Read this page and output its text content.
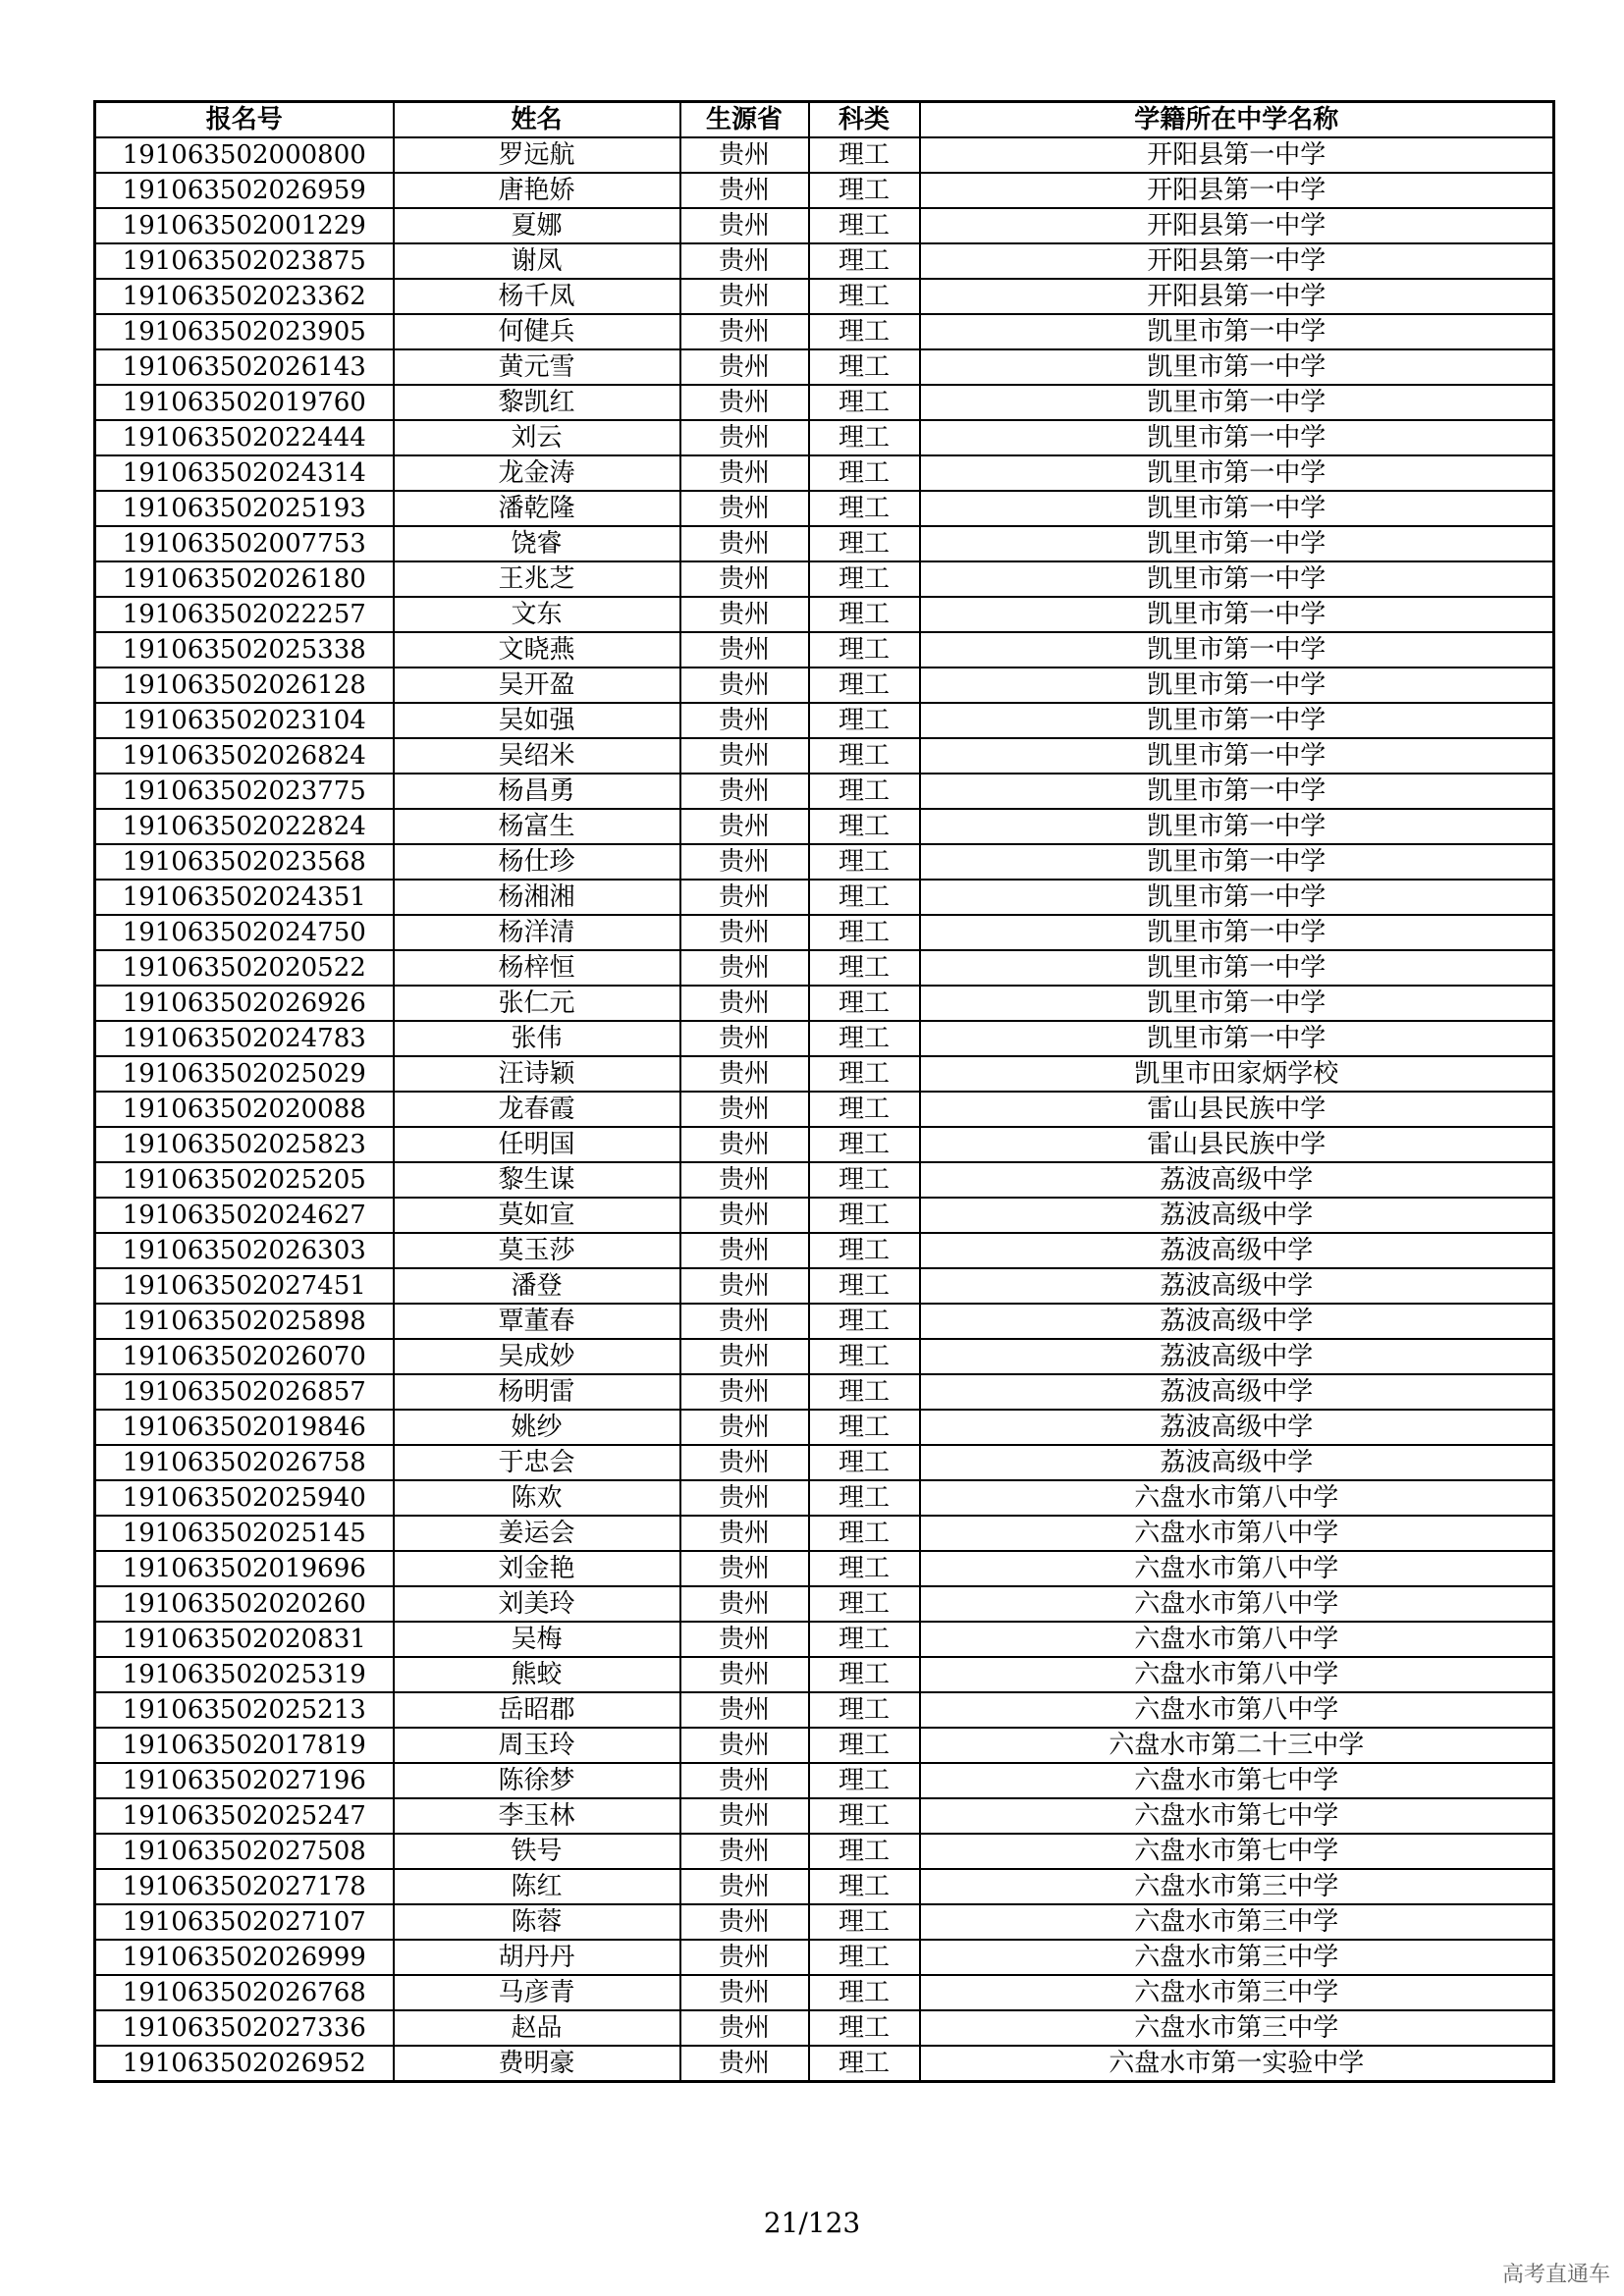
报名号	姓名	生源省	科类	学籍所在中学名称
191063502000800	罗远航	贵州	理工	开阳县第一中学
191063502026959	唐艳娇	贵州	理工	开阳县第一中学
191063502001229	夏娜	贵州	理工	开阳县第一中学
191063502023875	谢凤	贵州	理工	开阳县第一中学
191063502023362	杨千凤	贵州	理工	开阳县第一中学
191063502023905	何健兵	贵州	理工	凯里市第一中学
191063502026143	黄元雪	贵州	理工	凯里市第一中学
191063502019760	黎凯红	贵州	理工	凯里市第一中学
191063502022444	刘云	贵州	理工	凯里市第一中学
191063502024314	龙金涛	贵州	理工	凯里市第一中学
191063502025193	潘乾隆	贵州	理工	凯里市第一中学
191063502007753	饶睿	贵州	理工	凯里市第一中学
191063502026180	王兆芝	贵州	理工	凯里市第一中学
191063502022257	文东	贵州	理工	凯里市第一中学
191063502025338	文晓燕	贵州	理工	凯里市第一中学
191063502026128	吴开盈	贵州	理工	凯里市第一中学
191063502023104	吴如强	贵州	理工	凯里市第一中学
191063502026824	吴绍米	贵州	理工	凯里市第一中学
191063502023775	杨昌勇	贵州	理工	凯里市第一中学
191063502022824	杨富生	贵州	理工	凯里市第一中学
191063502023568	杨仕珍	贵州	理工	凯里市第一中学
191063502024351	杨湘湘	贵州	理工	凯里市第一中学
191063502024750	杨洋清	贵州	理工	凯里市第一中学
191063502020522	杨梓恒	贵州	理工	凯里市第一中学
191063502026926	张仁元	贵州	理工	凯里市第一中学
191063502024783	张伟	贵州	理工	凯里市第一中学
191063502025029	汪诗颖	贵州	理工	凯里市田家炳学校
191063502020088	龙春霞	贵州	理工	雷山县民族中学
191063502025823	任明国	贵州	理工	雷山县民族中学
191063502025205	黎生谋	贵州	理工	荔波高级中学
191063502024627	莫如宣	贵州	理工	荔波高级中学
191063502026303	莫玉莎	贵州	理工	荔波高级中学
191063502027451	潘登	贵州	理工	荔波高级中学
191063502025898	覃董春	贵州	理工	荔波高级中学
191063502026070	吴成妙	贵州	理工	荔波高级中学
191063502026857	杨明雷	贵州	理工	荔波高级中学
191063502019846	姚纱	贵州	理工	荔波高级中学
191063502026758	于忠会	贵州	理工	荔波高级中学
191063502025940	陈欢	贵州	理工	六盘水市第八中学
191063502025145	姜运会	贵州	理工	六盘水市第八中学
191063502019696	刘金艳	贵州	理工	六盘水市第八中学
191063502020260	刘美玲	贵州	理工	六盘水市第八中学
191063502020831	吴梅	贵州	理工	六盘水市第八中学
191063502025319	熊蛟	贵州	理工	六盘水市第八中学
191063502025213	岳昭郡	贵州	理工	六盘水市第八中学
191063502017819	周玉玲	贵州	理工	六盘水市第二十三中学
191063502027196	陈徐梦	贵州	理工	六盘水市第七中学
191063502025247	李玉林	贵州	理工	六盘水市第七中学
191063502027508	铁号	贵州	理工	六盘水市第七中学
191063502027178	陈红	贵州	理工	六盘水市第三中学
191063502027107	陈蓉	贵州	理工	六盘水市第三中学
191063502026999	胡丹丹	贵州	理工	六盘水市第三中学
191063502026768	马彦青	贵州	理工	六盘水市第三中学
191063502027336	赵品	贵州	理工	六盘水市第三中学
191063502026952	费明豪	贵州	理工	六盘水市第一实验中学
21/123
高考直通车
